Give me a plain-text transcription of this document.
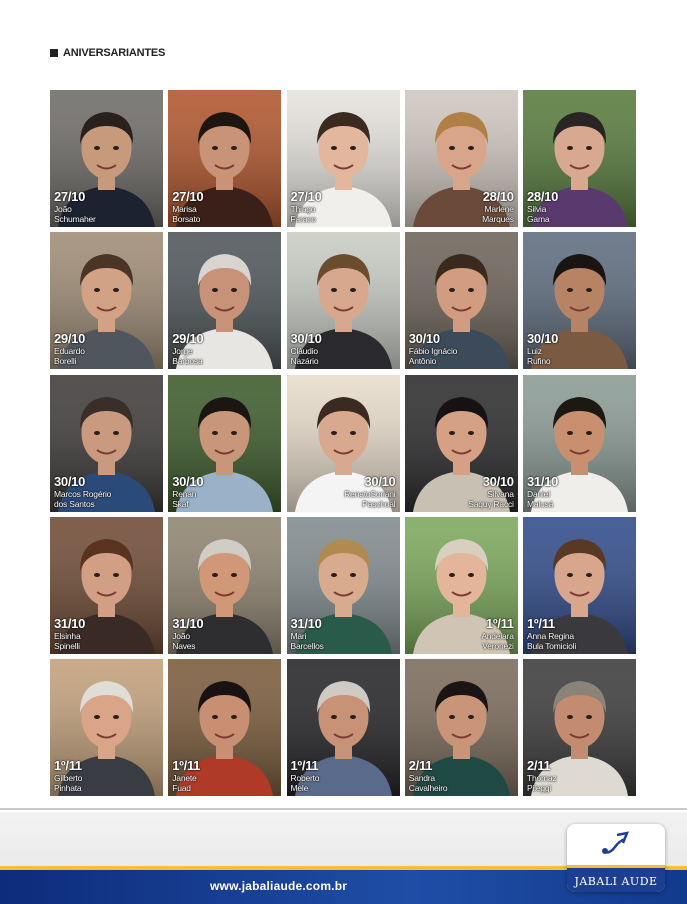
ANIVERSARIANTES
27/10
João
Schumaher
27/10
Marisa
Borsato
27/10
Thiago
Faraco
28/10
Marlene
Marques
28/10
Silvia
Gama
29/10
Eduardo
Borelli
29/10
Jorge
Barbosa
30/10
Cláudio
Nazário
30/10
Fábio Ignácio
Antônio
30/10
Luiz
Rufino
30/10
Marcos Rogério
dos Santos
30/10
Renan
Skaf
30/10
RenatoSoriani
Paschoal
30/10
Silvana
Saquy Racci
31/10
Daniel
Malusá
31/10
Elsinha
Spinelli
31/10
João
Naves
31/10
Mari
Barcellos
1º/11
Andeiara
Veronezi
1º/11
Anna Regina
Bula Tomicioli
1º/11
Gilberto
Pinhata
1º/11
Janete
Fuad
1º/11
Roberto
Mele
2/11
Sandra
Cavalheiro
2/11
Thomaz
Pileggi
www.jabaliaude.com.br	JABALI AUDE
